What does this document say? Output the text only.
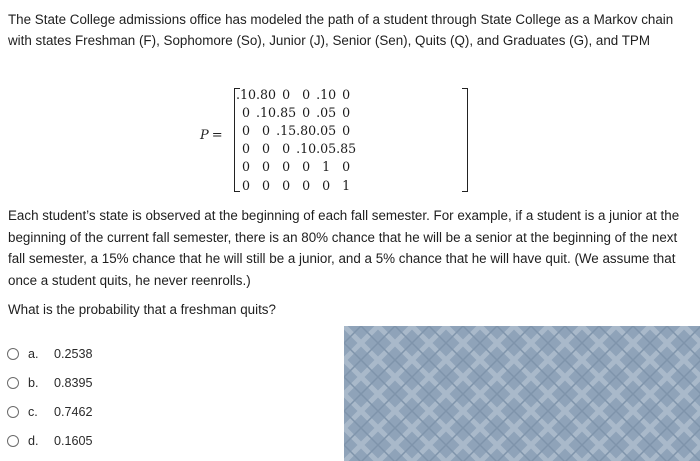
The State College admissions office has modeled the path of a student through State College as a Markov chain with states Freshman (F), Sophomore (So), Junior (J), Senior (Sen), Quits (Q), and Graduates (G), and TPM

P =
.10	.80	0	0	.10	0
0	.10	.85	0	.05	0
0	0	.15	.80	.05	0
0	0	0	.10	.05	.85
0	0	0	0	1	0
0	0	0	0	0	1

Each student’s state is observed at the beginning of each fall semester. For example, if a student is a junior at the beginning of the current fall semester, there is an 80% chance that he will be a senior at the beginning of the next fall semester, a 15% chance that he will still be a junior, and a 5% chance that he will have quit. (We assume that once a student quits, he never reenrolls.)

What is the probability that a freshman quits?

a.	0.2538
b.	0.8395
c.	0.7462
d.	0.1605
